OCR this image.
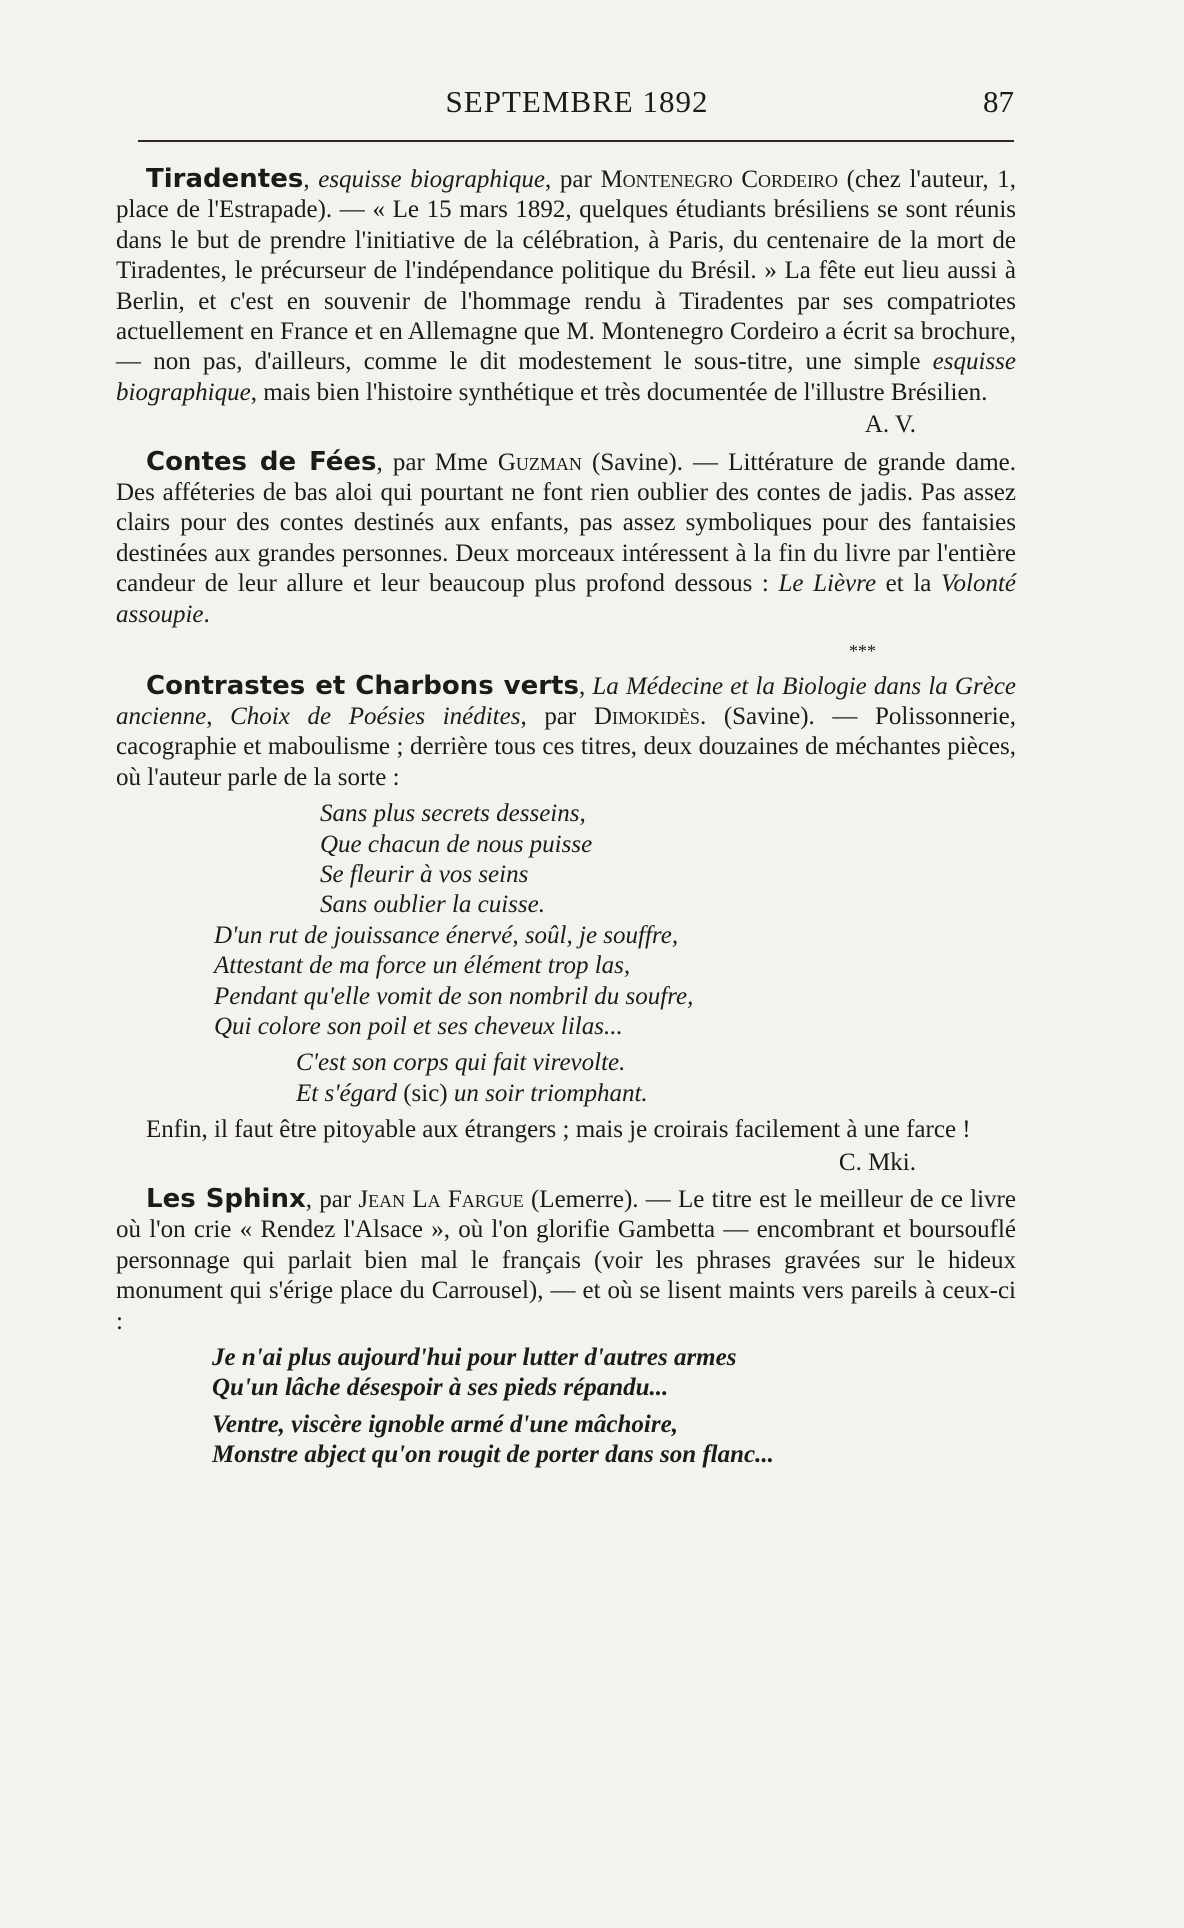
SEPTEMBRE 1892	87

Tiradentes, esquisse biographique, par Montenegro Cordeiro (chez l'auteur, 1, place de l'Estrapade). — « Le 15 mars 1892, quelques étudiants brésiliens se sont réunis dans le but de prendre l'initiative de la célébration, à Paris, du centenaire de la mort de Tiradentes, le précurseur de l'indépendance politique du Brésil. » La fête eut lieu aussi à Berlin, et c'est en souvenir de l'hommage rendu à Tiradentes par ses compatriotes actuellement en France et en Allemagne que M. Montenegro Cordeiro a écrit sa brochure, — non pas, d'ailleurs, comme le dit modestement le sous-titre, une simple esquisse biographique, mais bien l'histoire synthétique et très documentée de l'illustre Brésilien.

A. V.

Contes de Fées, par Mme Guzman (Savine). — Littérature de grande dame. Des afféteries de bas aloi qui pourtant ne font rien oublier des contes de jadis. Pas assez clairs pour des contes destinés aux enfants, pas assez symboliques pour des fantaisies destinées aux grandes personnes. Deux morceaux intéressent à la fin du livre par l'entière candeur de leur allure et leur beaucoup plus profond dessous : Le Lièvre et la Volonté assoupie.

***

Contrastes et Charbons verts, La Médecine et la Biologie dans la Grèce ancienne, Choix de Poésies inédites, par Dimokidès. (Savine). — Polissonnerie, cacographie et maboulisme ; derrière tous ces titres, deux douzaines de méchantes pièces, où l'auteur parle de la sorte :

Sans plus secrets desseins,
Que chacun de nous puisse
Se fleurir à vos seins
Sans oublier la cuisse.
D'un rut de jouissance énervé, soûl, je souffre,
Attestant de ma force un élément trop las,
Pendant qu'elle vomit de son nombril du soufre,
Qui colore son poil et ses cheveux lilas...
C'est son corps qui fait virevolte.
Et s'égard (sic) un soir triomphant.

Enfin, il faut être pitoyable aux étrangers ; mais je croirais facilement à une farce !

C. Mki.

Les Sphinx, par Jean La Fargue (Lemerre). — Le titre est le meilleur de ce livre où l'on crie « Rendez l'Alsace », où l'on glorifie Gambetta — encombrant et boursouflé personnage qui parlait bien mal le français (voir les phrases gravées sur le hideux monument qui s'érige place du Carrousel), — et où se lisent maints vers pareils à ceux-ci :

Je n'ai plus aujourd'hui pour lutter d'autres armes
Qu'un lâche désespoir à ses pieds répandu...
Ventre, viscère ignoble armé d'une mâchoire,
Monstre abject qu'on rougit de porter dans son flanc...
